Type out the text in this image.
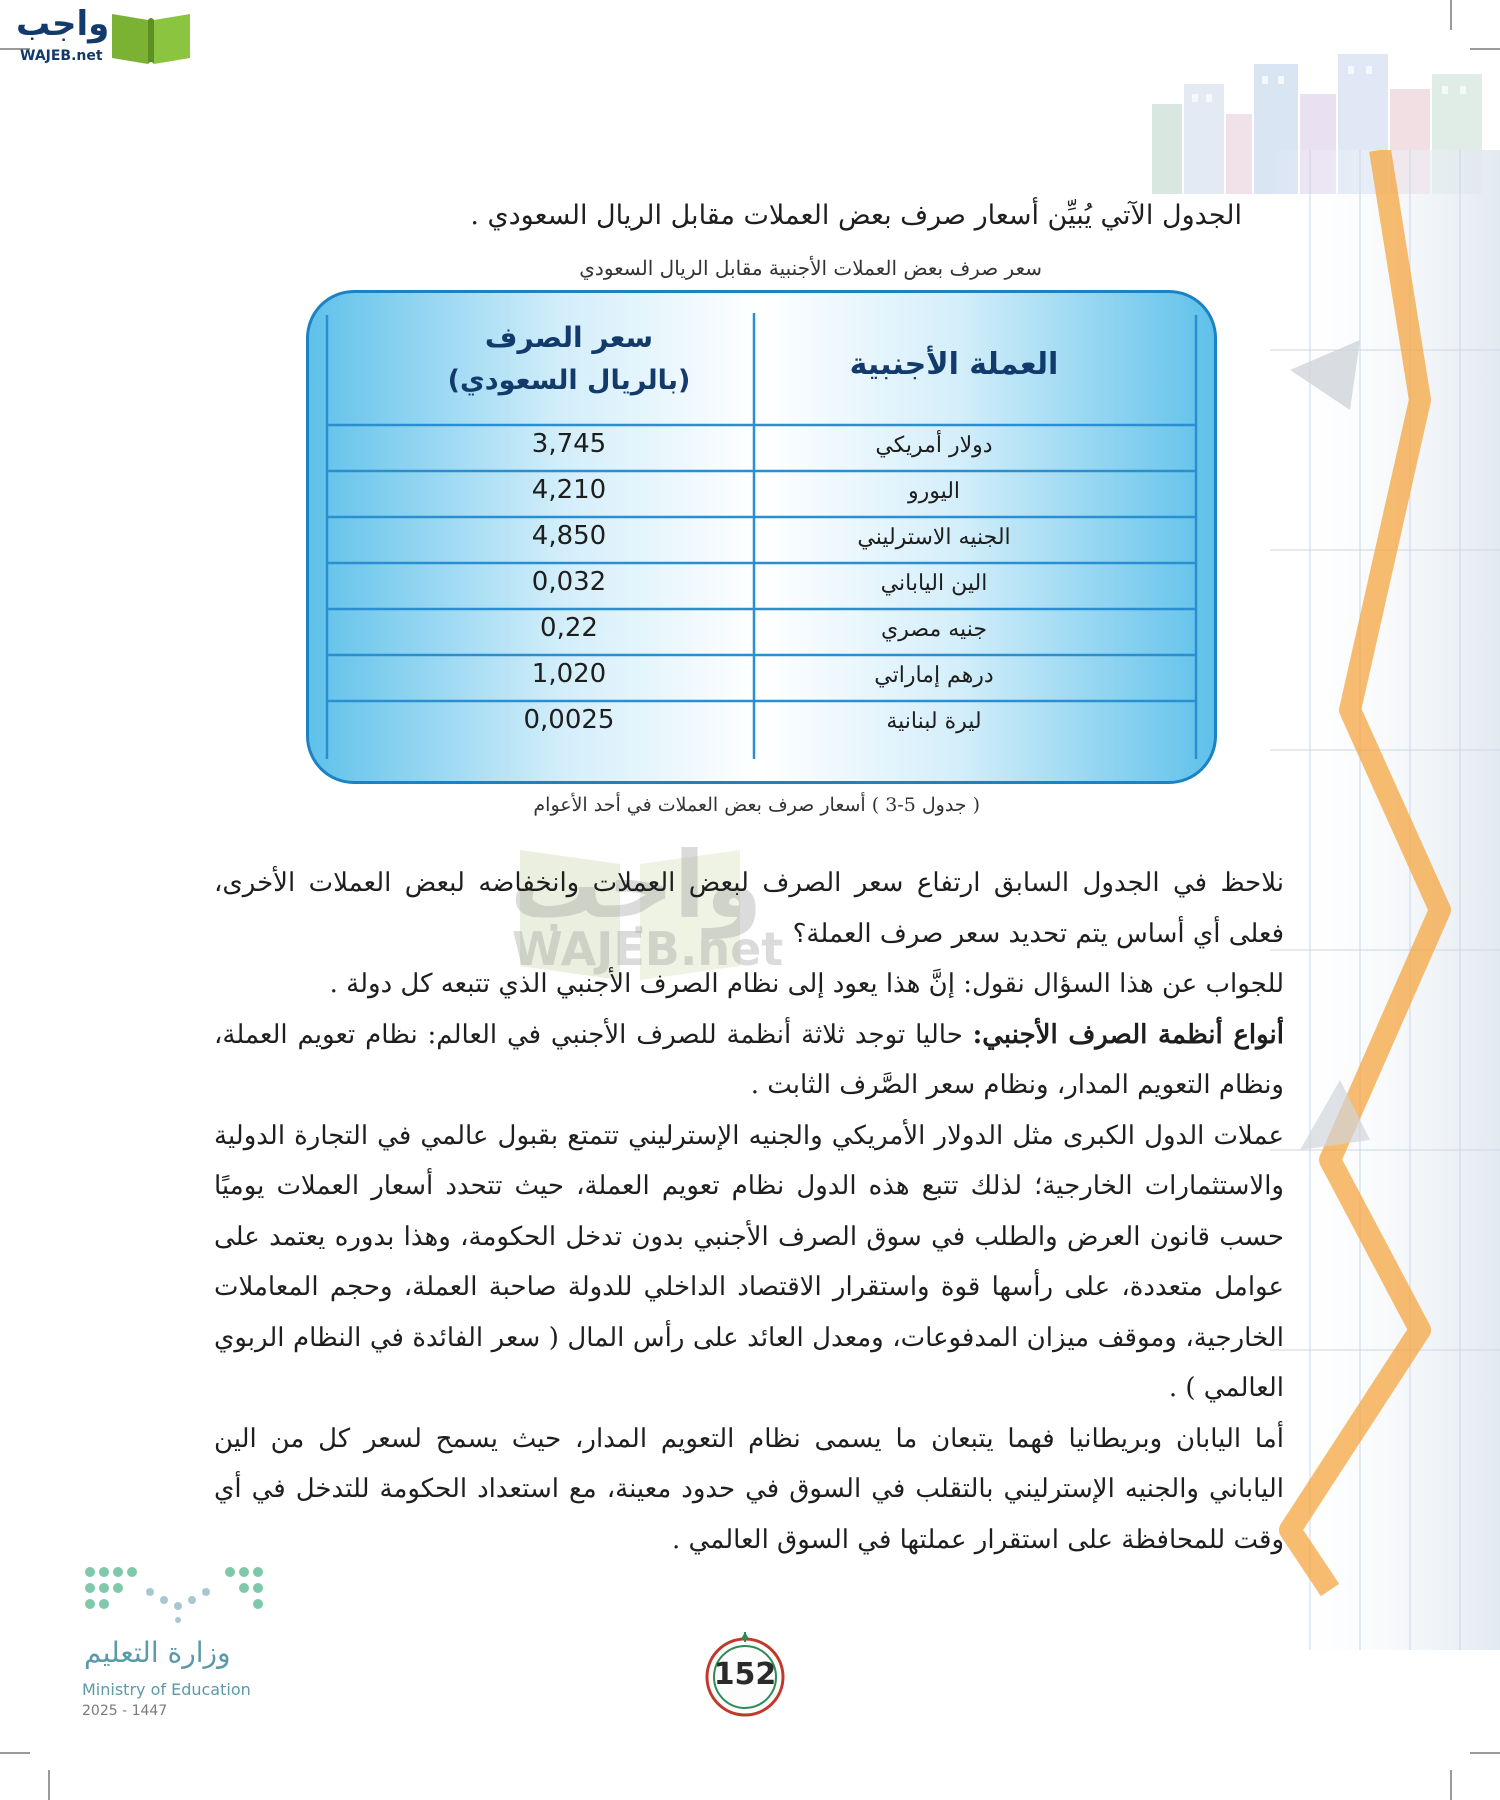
واجب
WAJEB.net
الجدول الآتي يُبيِّن أسعار صرف بعض العملات مقابل الريال السعودي .
سعر صرف بعض العملات الأجنبية مقابل الريال السعودي
العملة الأجنبية
سعر الصرف
(بالريال السعودي)
دولار أمريكي
3,745
اليورو
4,210
الجنيه الاسترليني
4,850
الين الياباني
0,032
جنيه مصري
0,22
درهم إماراتي
1,020
ليرة لبنانية
0,0025
( جدول 5-3 ) أسعار صرف بعض العملات في أحد الأعوام
واجب
WAJEB.net

نلاحظ في الجدول السابق ارتفاع سعر الصرف لبعض العملات وانخفاضه لبعض العملات الأخرى، فعلى أي أساس يتم تحديد سعر صرف العملة؟

للجواب عن هذا السؤال نقول: إنَّ هذا يعود إلى نظام الصرف الأجنبي الذي تتبعه كل دولة .

أنواع أنظمة الصرف الأجنبي: حاليا توجد ثلاثة أنظمة للصرف الأجنبي في العالم: نظام تعويم العملة، ونظام التعويم المدار، ونظام سعر الصَّرف الثابت .

عملات الدول الكبرى مثل الدولار الأمريكي والجنيه الإسترليني تتمتع بقبول عالمي في التجارة الدولية والاستثمارات الخارجية؛ لذلك تتبع هذه الدول نظام تعويم العملة، حيث تتحدد أسعار العملات يوميًا حسب قانون العرض والطلب في سوق الصرف الأجنبي بدون تدخل الحكومة، وهذا بدوره يعتمد على عوامل متعددة، على رأسها قوة واستقرار الاقتصاد الداخلي للدولة صاحبة العملة، وحجم المعاملات الخارجية، وموقف ميزان المدفوعات، ومعدل العائد على رأس المال ( سعر الفائدة في النظام الربوي العالمي ) .

أما اليابان وبريطانيا فهما يتبعان ما يسمى نظام التعويم المدار، حيث يسمح لسعر كل من الين الياباني والجنيه الإسترليني بالتقلب في السوق في حدود معينة، مع استعداد الحكومة للتدخل في أي وقت للمحافظة على استقرار عملتها في السوق العالمي .

وزارة التعليم
Ministry of Education
2025 - 1447
152
